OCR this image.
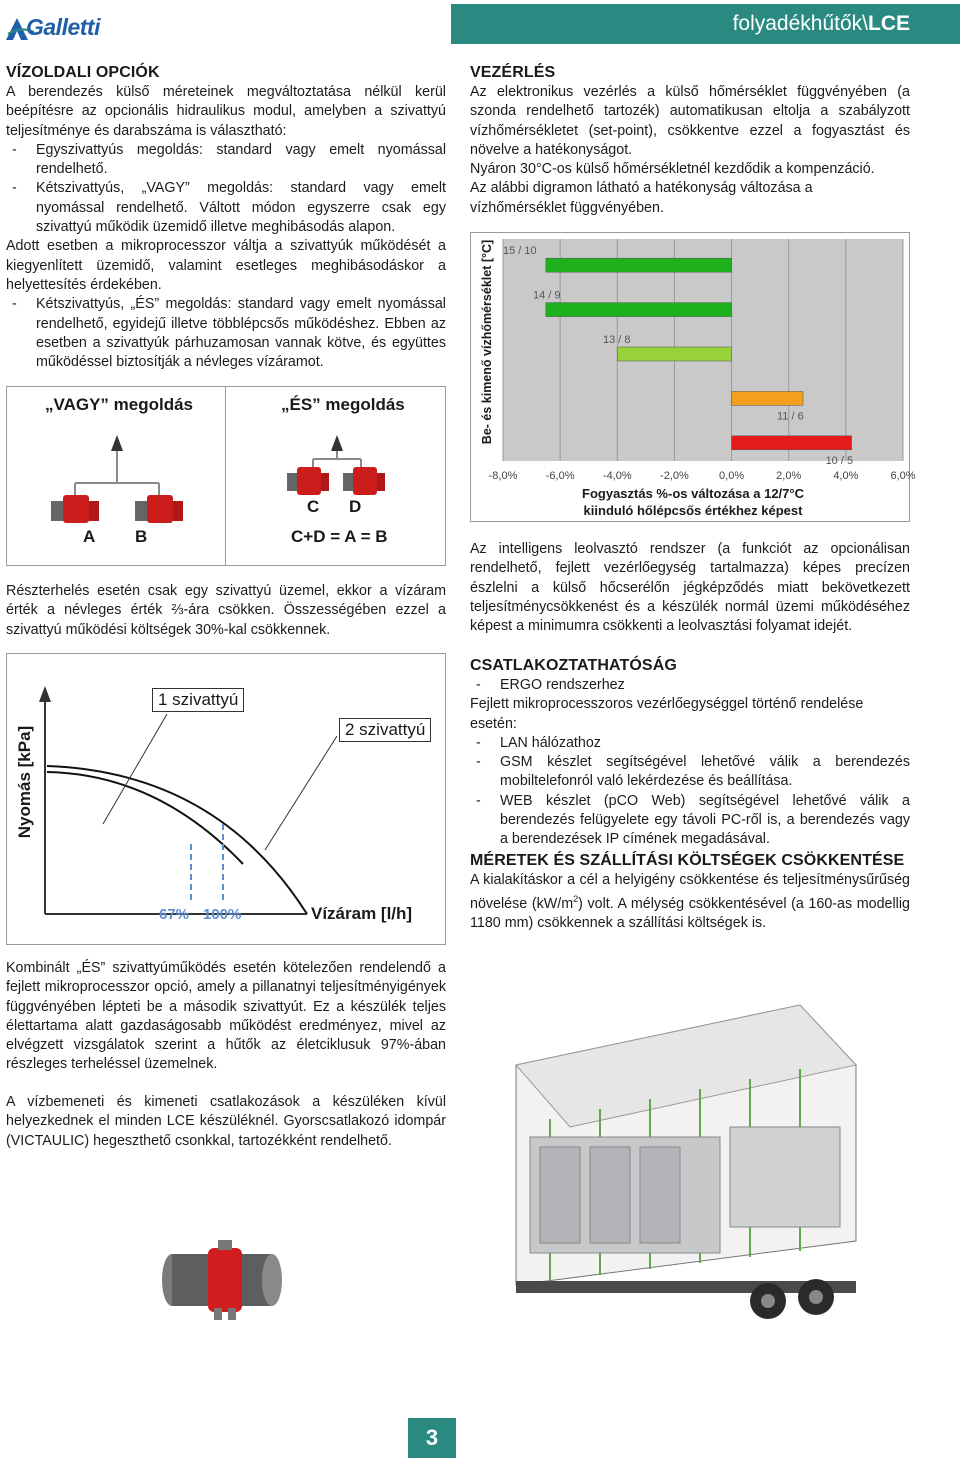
Galletti	folyadékhűtők\LCE
VÍZOLDALI OPCIÓK
A berendezés külső méreteinek megváltoztatása nélkül kerül beépítésre az opcionális hidraulikus modul, amelyben a szivattyú teljesítménye és darabszáma is választható:
- Egyszivattyús megoldás: standard vagy emelt nyomással rendelhető.
- Kétszivattyús, „VAGY” megoldás: standard vagy emelt nyomással rendelhető. Váltott módon egyszerre csak egy szivattyú működik üzemidő illetve meghibásodás alapon.
Adott esetben a mikroprocesszor váltja a szivattyúk működését a kiegyenlített üzemidő, valamint esetleges meghibásodáskor a helyettesítés érdekében.
- Kétszivattyús, „ÉS” megoldás: standard vagy emelt nyomással rendelhető, egyidejű illetve többlépcsős működéshez. Ebben az esetben a szivattyúk párhuzamosan vannak kötve, és együttes működéssel biztosítják a névleges vízáramot.
„VAGY” megoldás	„ÉS” megoldás
A B
C D
C+D = A = B
Részterhelés esetén csak egy szivattyú üzemel, ekkor a vízáram érték a névleges érték ⅔-ára csökken. Összességében ezzel a szivattyú működési költségek 30%-kal csökkennek.
Nyomás [kPa]
1 szivattyú
2 szivattyú
67% 100%	Vízáram [l/h]
Kombinált „ÉS” szivattyúműködés esetén kötelezően rendelendő a fejlett mikroprocesszor opció, amely a pillanatnyi teljesítményigények függvényében lépteti be a második szivattyút. Ez a készülék teljes élettartama alatt gazdaságosabb működést eredményez, mivel az elvégzett vizsgálatok szerint a hűtők az életciklusuk 97%-ában részleges terheléssel üzemelnek.
A vízbemeneti és kimeneti csatlakozások a készüléken kívül helyezkednek el minden LCE készüléknél. Gyorscsatlakozó idompár (VICTAULIC) hegeszthető csonkkal, tartozékként rendelhető.
VEZÉRLÉS
Az elektronikus vezérlés a külső hőmérséklet függvényében (a szonda rendelhető tartozék) automatikusan eltolja a szabályzott vízhőmérsékletet (set-point), csökkentve ezzel a fogyasztást és növelve a hatékonyságot.
Nyáron 30°C-os külső hőmérsékletnél kezdődik a kompenzáció.
Az alábbi digramon látható a hatékonyság változása a vízhőmérséklet függvényében.
Be- és kimenő vízhőmérséklet [°C]
-8,0%	-6,0%	-4,0%	-2,0%	0,0%	2,0%	4,0%	6,0%
15 / 10
14 / 9
13 / 8
11 / 6
10 / 5
Fogyasztás %-os változása a 12/7°C kiinduló hőlépcsős értékhez képest
Az intelligens leolvasztó rendszer (a funkciót az opcionálisan rendelhető, fejlett vezérlőegység tartalmazza) képes precízen észlelni a külső hőcserélőn jégképződés miatt bekövetkezett teljesítménycsökkenést és a készülék normál üzemi működéséhez képest a minimumra csökkenti a leolvasztási folyamat idejét.
CSATLAKOZTATHATÓSÁG
- ERGO rendszerhez
Fejlett mikroprocesszoros vezérlőegységgel történő rendelése esetén:
- LAN hálózathoz
- GSM készlet segítségével lehetővé válik a berendezés mobiltelefonról való lekérdezése és beállítása.
- WEB készlet (pCO Web) segítségével lehetővé válik a berendezés felügyelete egy távoli PC-ről is, a berendezés vagy a berendezések IP címének megadásával.
MÉRETEK ÉS SZÁLLÍTÁSI KÖLTSÉGEK CSÖKKENTÉSE
A kialakításkor a cél a helyigény csökkentése és teljesítménysűrűség növelése $(kW/m^2)$ volt. A mélység csökkentésével (a 160-as modellig 1180 mm) csökkennek a szállítási költségek is.
3
